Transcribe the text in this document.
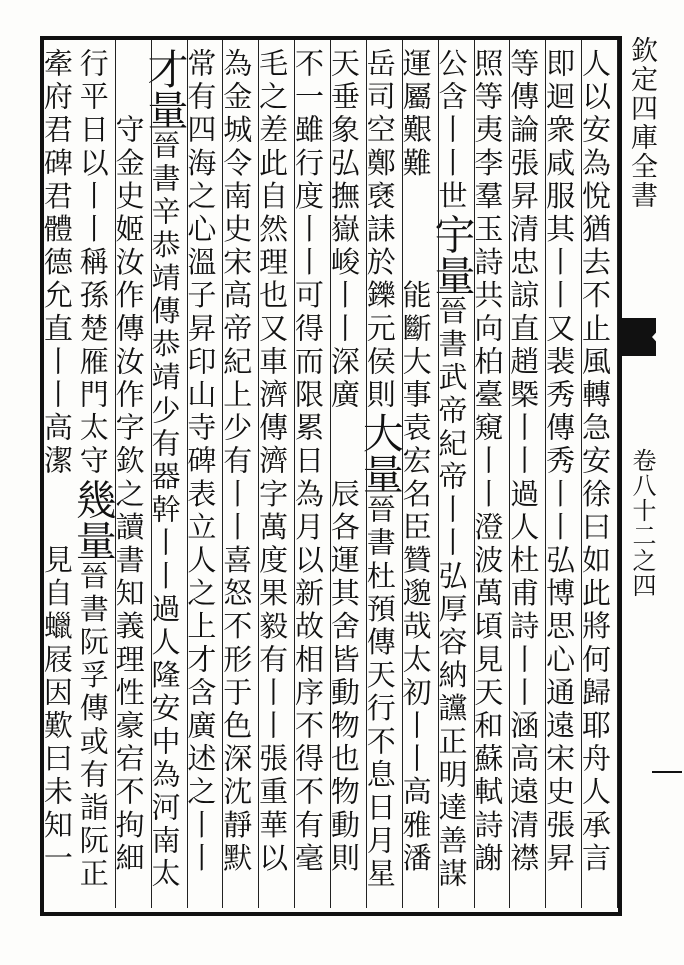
人以安為悅猶去不止風轉急安徐曰如此將何歸耶舟人承言
即迴衆咸服其丨丨又裴秀傳秀丨丨弘博思心通遠宋史張昇
等傳論張昇清忠諒直趙槩丨丨過人杜甫詩丨丨涵高遠清襟
照等夷李羣玉詩共向柏臺窺丨丨澄波萬頃見天和蘇軾詩謝
公含丨丨世宇量晉書武帝紀帝丨丨弘厚容納讜正明達善謀
運屬艱難　　　能斷大事袁宏名臣贊邈哉太初丨丨高雅潘
岳司空鄭褎誄於鑠元侯則大量晉書杜預傳天行不息日月星
天垂象弘撫嶽峻丨丨深廣　　辰各運其舍皆動物也物動則
不一雖行度丨丨可得而限累日為月以新故相序不得不有毫
毛之差此自然理也又車濟傳濟字萬度果毅有丨丨張重華以
為金城令南史宋高帝紀上少有丨丨喜怒不形于色深沈靜默
常有四海之心溫子昇印山寺碑表立人之上才含廣述之丨丨
才量晉書辛恭靖傳恭靖少有器幹丨丨過人隆安中為河南太
　　守金史姬汝作傳汝作字欽之讀書知義理性豪宕不拘細
行平日以丨丨稱孫楚雁門太守幾量晉書阮孚傳或有詣阮正
牽府君碑君體德允直丨丨高潔　　見自蠟屐因歎曰未知一
欽定四庫全書
卷八十二之四
